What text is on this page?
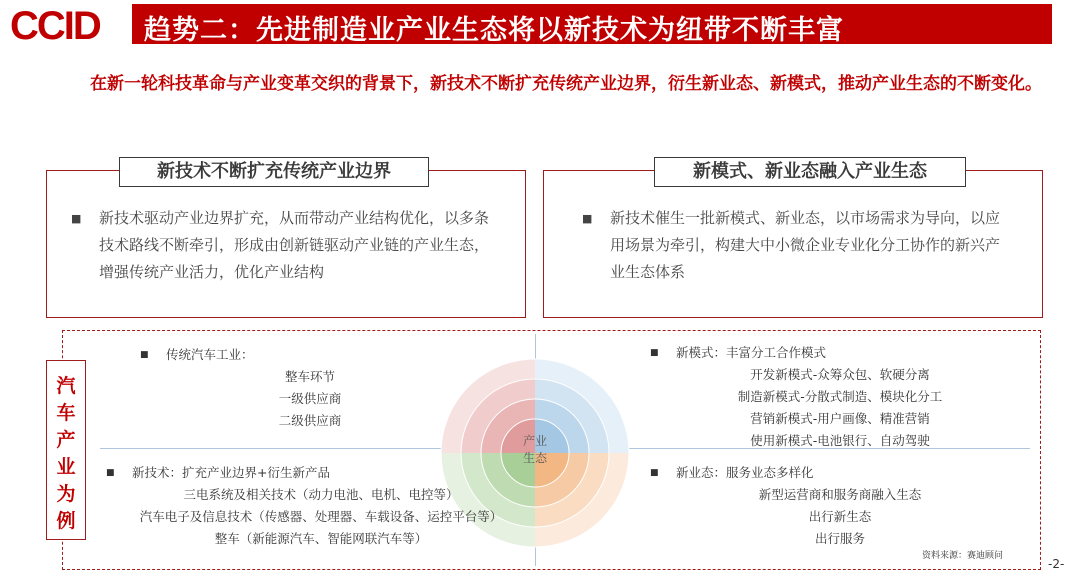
CCID 趋势二：先进制造业产业生态将以新技术为纽带不断丰富
在新一轮科技革命与产业变革交织的背景下，新技术不断扩充传统产业边界，衍生新业态、新模式，推动产业生态的不断变化。
新技术不断扩充传统产业边界
■	新技术驱动产业边界扩充，从而带动产业结构优化，以多条技术路线不断牵引，形成由创新链驱动产业链的产业生态，增强传统产业活力，优化产业结构
新模式、新业态融入产业生态
■	新技术催生一批新模式、新业态，以市场需求为导向，以应用场景为牵引，构建大中小微企业专业化分工协作的新兴产业生态体系
产业
生态
汽
车
产
业
为
例
■ 传统汽车工业：
整车环节
一级供应商
二级供应商
■ 新模式：丰富分工合作模式
开发新模式-众筹众包、软硬分离
制造新模式-分散式制造、模块化分工
营销新模式-用户画像、精准营销
使用新模式-电池银行、自动驾驶
■ 新技术：扩充产业边界+衍生新产品
三电系统及相关技术（动力电池、电机、电控等）
汽车电子及信息技术（传感器、处理器、车载设备、运控平台等）
整车（新能源汽车、智能网联汽车等）
■ 新业态：服务业态多样化
新型运营商和服务商融入生态
出行新生态
出行服务
资料来源：赛迪顾问
-2-
